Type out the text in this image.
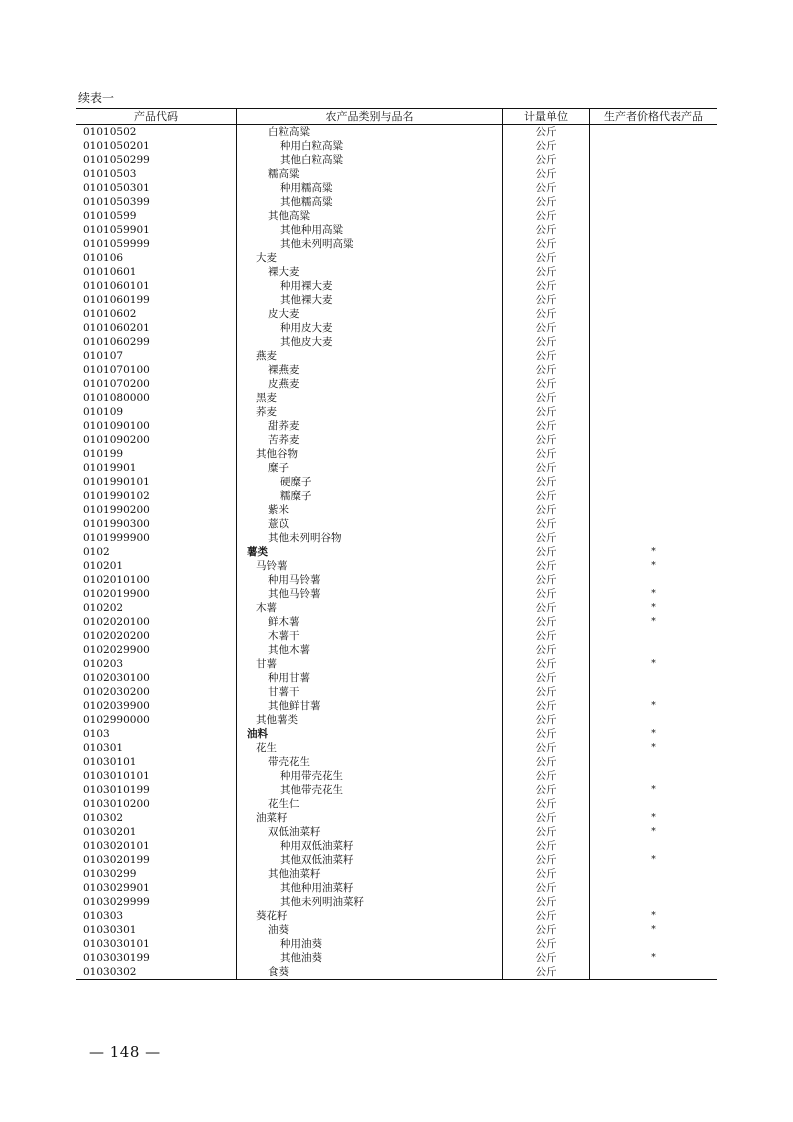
续表一
产品代码	农产品类别与品名	计量单位	生产者价格代表产品
01010502	白粒高粱	公斤
0101050201	种用白粒高粱	公斤
0101050299	其他白粒高粱	公斤
01010503	糯高粱	公斤
0101050301	种用糯高粱	公斤
0101050399	其他糯高粱	公斤
01010599	其他高粱	公斤
0101059901	其他种用高粱	公斤
0101059999	其他未列明高粱	公斤
010106	大麦	公斤
01010601	裸大麦	公斤
0101060101	种用裸大麦	公斤
0101060199	其他裸大麦	公斤
01010602	皮大麦	公斤
0101060201	种用皮大麦	公斤
0101060299	其他皮大麦	公斤
010107	燕麦	公斤
0101070100	裸燕麦	公斤
0101070200	皮燕麦	公斤
0101080000	黑麦	公斤
010109	荞麦	公斤
0101090100	甜荞麦	公斤
0101090200	苦荞麦	公斤
010199	其他谷物	公斤
01019901	糜子	公斤
0101990101	硬糜子	公斤
0101990102	糯糜子	公斤
0101990200	紫米	公斤
0101990300	薏苡	公斤
0101999900	其他未列明谷物	公斤
0102	薯类	公斤	*
010201	马铃薯	公斤	*
0102010100	种用马铃薯	公斤
0102019900	其他马铃薯	公斤	*
010202	木薯	公斤	*
0102020100	鲜木薯	公斤	*
0102020200	木薯干	公斤
0102029900	其他木薯	公斤
010203	甘薯	公斤	*
0102030100	种用甘薯	公斤
0102030200	甘薯干	公斤
0102039900	其他鲜甘薯	公斤	*
0102990000	其他薯类	公斤
0103	油料	公斤	*
010301	花生	公斤	*
01030101	带壳花生	公斤
0103010101	种用带壳花生	公斤
0103010199	其他带壳花生	公斤	*
0103010200	花生仁	公斤
010302	油菜籽	公斤	*
01030201	双低油菜籽	公斤	*
0103020101	种用双低油菜籽	公斤
0103020199	其他双低油菜籽	公斤	*
01030299	其他油菜籽	公斤
0103029901	其他种用油菜籽	公斤
0103029999	其他未列明油菜籽	公斤
010303	葵花籽	公斤	*
01030301	油葵	公斤	*
0103030101	种用油葵	公斤
0103030199	其他油葵	公斤	*
01030302	食葵	公斤
— 148 —
